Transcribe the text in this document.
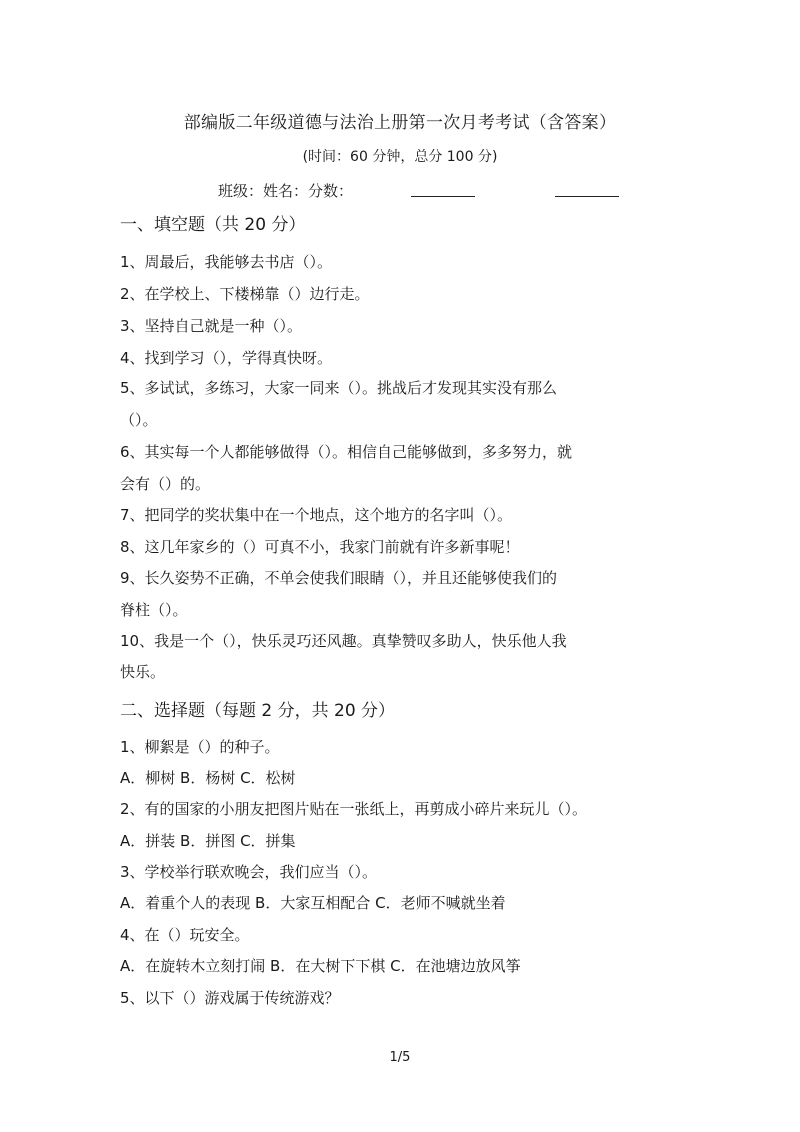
部编版二年级道德与法治上册第一次月考考试（含答案）
(时间：60 分钟，总分 100 分)
班级：姓名：分数：
一、填空题（共 20 分）
1、周最后，我能够去书店（）。
2、在学校上、下楼梯靠（）边行走。
3、坚持自己就是一种（）。
4、找到学习（），学得真快呀。
5、多试试，多练习，大家一同来（）。挑战后才发现其实没有那么
（）。
6、其实每一个人都能够做得（）。相信自己能够做到，多多努力，就
会有（）的。
7、把同学的奖状集中在一个地点，这个地方的名字叫（）。
8、这几年家乡的（）可真不小，我家门前就有许多新事呢！
9、长久姿势不正确，不单会使我们眼睛（），并且还能够使我们的
脊柱（）。
10、我是一个（），快乐灵巧还风趣。真挚赞叹多助人，快乐他人我
快乐。
二、选择题（每题 2 分，共 20 分）
1、柳絮是（）的种子。
A．柳树 B．杨树 C．松树
2、有的国家的小朋友把图片贴在一张纸上，再剪成小碎片来玩儿（）。
A．拼装 B．拼图 C．拼集
3、学校举行联欢晚会，我们应当（）。
A．着重个人的表现 B．大家互相配合 C．老师不喊就坐着
4、在（）玩安全。
A．在旋转木立刻打闹 B．在大树下下棋 C．在池塘边放风筝
5、以下（）游戏属于传统游戏？
1/5
